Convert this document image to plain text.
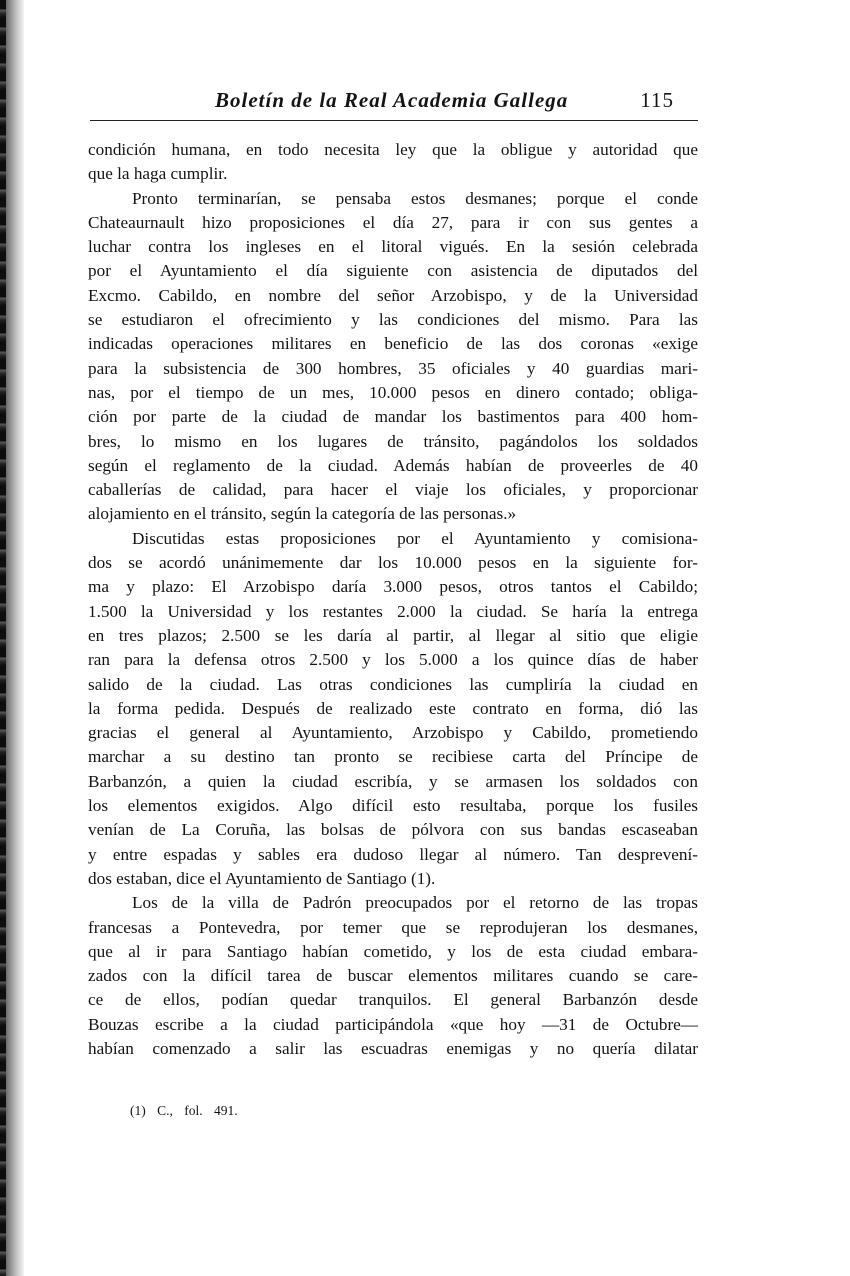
Boletín de la Real Academia Gallega	115
condición humana, en todo necesita ley que la obligue y autoridad que
que la haga cumplir.
Pronto terminarían, se pensaba estos desmanes; porque el conde
Chateaurnault hizo proposiciones el día 27, para ir con sus gentes a
luchar contra los ingleses en el litoral vigués. En la sesión celebrada
por el Ayuntamiento el día siguiente con asistencia de diputados del
Excmo. Cabildo, en nombre del señor Arzobispo, y de la Universidad
se estudiaron el ofrecimiento y las condiciones del mismo. Para las
indicadas operaciones militares en beneficio de las dos coronas «exige
para la subsistencia de 300 hombres, 35 oficiales y 40 guardias mari-
nas, por el tiempo de un mes, 10.000 pesos en dinero contado; obliga-
ción por parte de la ciudad de mandar los bastimentos para 400 hom-
bres, lo mismo en los lugares de tránsito, pagándolos los soldados
según el reglamento de la ciudad. Además habían de proveerles de 40
caballerías de calidad, para hacer el viaje los oficiales, y proporcionar
alojamiento en el tránsito, según la categoría de las personas.»
Discutidas estas proposiciones por el Ayuntamiento y comisiona-
dos se acordó unánimemente dar los 10.000 pesos en la siguiente for-
ma y plazo: El Arzobispo daría 3.000 pesos, otros tantos el Cabildo;
1.500 la Universidad y los restantes 2.000 la ciudad. Se haría la entrega
en tres plazos; 2.500 se les daría al partir, al llegar al sitio que eligie
ran para la defensa otros 2.500 y los 5.000 a los quince días de haber
salido de la ciudad. Las otras condiciones las cumpliría la ciudad en
la forma pedida. Después de realizado este contrato en forma, dió las
gracias el general al Ayuntamiento, Arzobispo y Cabildo, prometiendo
marchar a su destino tan pronto se recibiese carta del Príncipe de
Barbanzón, a quien la ciudad escribía, y se armasen los soldados con
los elementos exigidos. Algo difícil esto resultaba, porque los fusiles
venían de La Coruña, las bolsas de pólvora con sus bandas escaseaban
y entre espadas y sables era dudoso llegar al número. Tan desprevení-
dos estaban, dice el Ayuntamiento de Santiago (1).
Los de la villa de Padrón preocupados por el retorno de las tropas
francesas a Pontevedra, por temer que se reprodujeran los desmanes,
que al ir para Santiago habían cometido, y los de esta ciudad embara-
zados con la difícil tarea de buscar elementos militares cuando se care-
ce de ellos, podían quedar tranquilos. El general Barbanzón desde
Bouzas escribe a la ciudad participándola «que hoy —31 de Octubre—
habían comenzado a salir las escuadras enemigas y no quería dilatar
(1) C., fol. 491.
